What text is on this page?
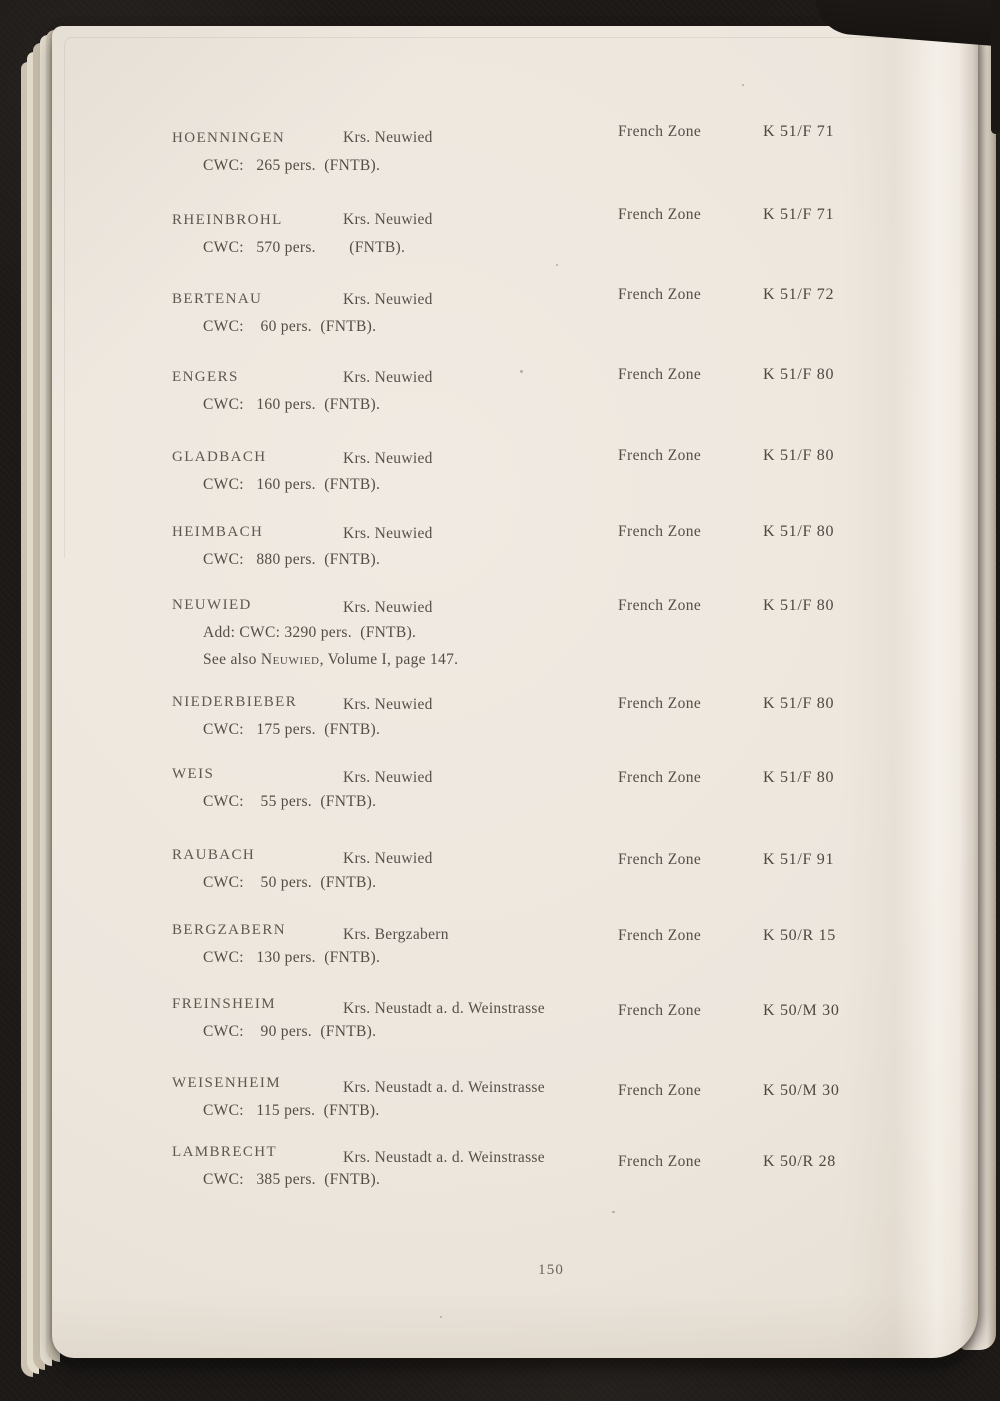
150
HOENNINGEN	Krs. Neuwied	French Zone	K 51/F 71
CWC:   265 pers.  (FNTB).
RHEINBROHL	Krs. Neuwied	French Zone	K 51/F 71
CWC:   570 pers.        (FNTB).
BERTENAU	Krs. Neuwied	French Zone	K 51/F 72
CWC:    60 pers.  (FNTB).
ENGERS	Krs. Neuwied	French Zone	K 51/F 80
CWC:   160 pers.  (FNTB).
GLADBACH	Krs. Neuwied	French Zone	K 51/F 80
CWC:   160 pers.  (FNTB).
HEIMBACH	Krs. Neuwied	French Zone	K 51/F 80
CWC:   880 pers.  (FNTB).
NEUWIED	Krs. Neuwied	French Zone	K 51/F 80
Add: CWC: 3290 pers.  (FNTB).
See also Neuwied, Volume I, page 147.
NIEDERBIEBER	Krs. Neuwied	French Zone	K 51/F 80
CWC:   175 pers.  (FNTB).
WEIS	Krs. Neuwied	French Zone	K 51/F 80
CWC:    55 pers.  (FNTB).
RAUBACH	Krs. Neuwied	French Zone	K 51/F 91
CWC:    50 pers.  (FNTB).
BERGZABERN	Krs. Bergzabern	French Zone	K 50/R 15
CWC:   130 pers.  (FNTB).
FREINSHEIM	Krs. Neustadt a. d. Weinstrasse	French Zone	K 50/M 30
CWC:    90 pers.  (FNTB).
WEISENHEIM	Krs. Neustadt a. d. Weinstrasse	French Zone	K 50/M 30
CWC:   115 pers.  (FNTB).
LAMBRECHT	Krs. Neustadt a. d. Weinstrasse	French Zone	K 50/R 28
CWC:   385 pers.  (FNTB).
